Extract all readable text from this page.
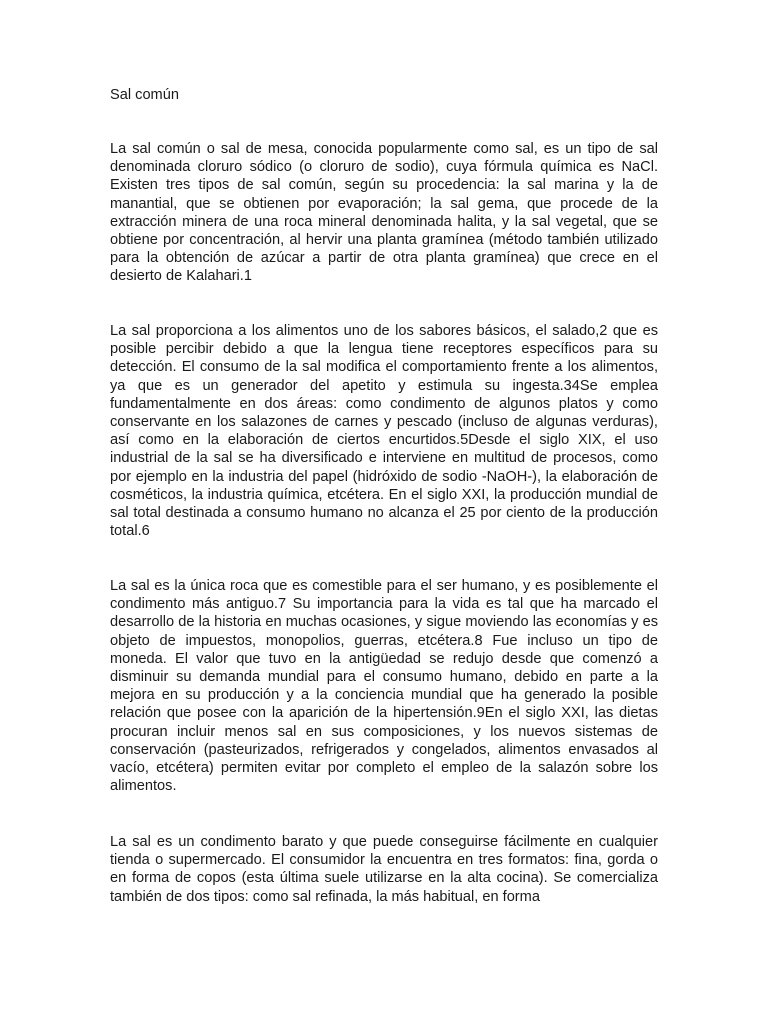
Sal común

La sal común o sal de mesa, conocida popularmente como sal, es un tipo de sal denominada cloruro sódico (o cloruro de sodio), cuya fórmula química es NaCl. Existen tres tipos de sal común, según su procedencia: la sal marina y la de manantial, que se obtienen por evaporación; la sal gema, que procede de la extracción minera de una roca mineral denominada halita, y la sal vegetal, que se obtiene por concentración, al hervir una planta gramínea (método también utilizado para la obtención de azúcar a partir de otra planta gramínea) que crece en el desierto de Kalahari.1

La sal proporciona a los alimentos uno de los sabores básicos, el salado,2 que es posible percibir debido a que la lengua tiene receptores específicos para su detección. El consumo de la sal modifica el comportamiento frente a los alimentos, ya que es un generador del apetito y estimula su ingesta.34Se emplea fundamentalmente en dos áreas: como condimento de algunos platos y como conservante en los salazones de carnes y pescado (incluso de algunas verduras), así como en la elaboración de ciertos encurtidos.5Desde el siglo XIX, el uso industrial de la sal se ha diversificado e interviene en multitud de procesos, como por ejemplo en la industria del papel (hidróxido de sodio -NaOH-), la elaboración de cosméticos, la industria química, etcétera. En el siglo XXI, la producción mundial de sal total destinada a consumo humano no alcanza el 25 por ciento de la producción total.6

La sal es la única roca que es comestible para el ser humano, y es posiblemente el condimento más antiguo.7 Su importancia para la vida es tal que ha marcado el desarrollo de la historia en muchas ocasiones, y sigue moviendo las economías y es objeto de impuestos, monopolios, guerras, etcétera.8 Fue incluso un tipo de moneda. El valor que tuvo en la antigüedad se redujo desde que comenzó a disminuir su demanda mundial para el consumo humano, debido en parte a la mejora en su producción y a la conciencia mundial que ha generado la posible relación que posee con la aparición de la hipertensión.9En el siglo XXI, las dietas procuran incluir menos sal en sus composiciones, y los nuevos sistemas de conservación (pasteurizados, refrigerados y congelados, alimentos envasados al vacío, etcétera) permiten evitar por completo el empleo de la salazón sobre los alimentos.

La sal es un condimento barato y que puede conseguirse fácilmente en cualquier tienda o supermercado. El consumidor la encuentra en tres formatos: fina, gorda o en forma de copos (esta última suele utilizarse en la alta cocina). Se comercializa también de dos tipos: como sal refinada, la más habitual, en forma
